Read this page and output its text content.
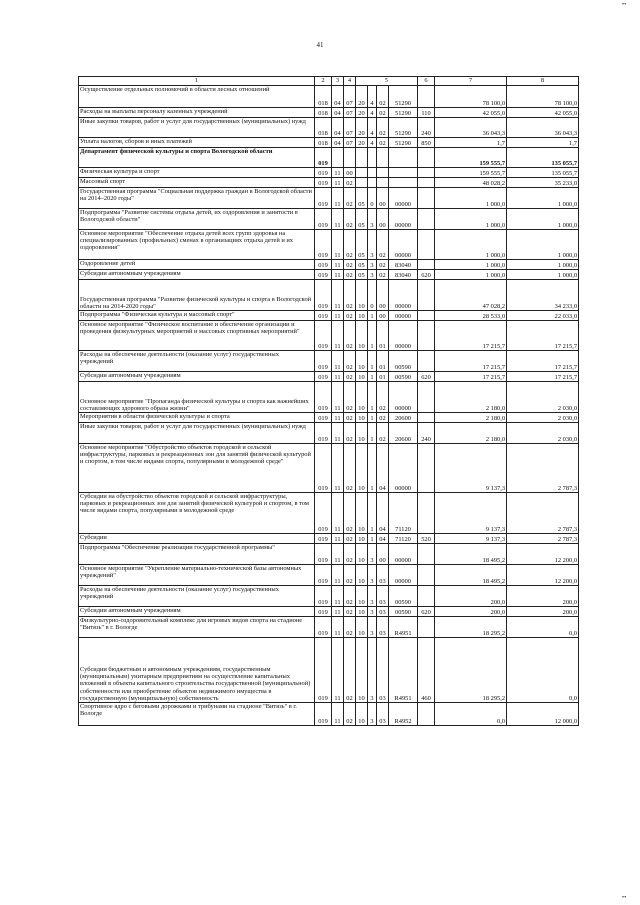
41
••
••
1	2	3	4	5				6	7	8
Осуществление отдельных полномочий в области лесных отношений	018	04	07	20	4	02	51290		78 100,0	78 100,0
Расходы на выплаты персоналу казенных учреждений	018	04	07	20	4	02	51290	110	42 055,0	42 055,0
Иные закупки товаров, работ и услуг для государственных (муниципальных) нужд	018	04	07	20	4	02	51290	240	36 043,3	36 043,3
Уплата налогов, сборов и иных платежей	018	04	07	20	4	02	51290	850	1,7	1,7
Департамент физической культуры и спорта Вологодской области	019								159 555,7	135 055,7
Физическая культура и спорт	019	11	00						159 555,7	135 055,7
Массовый спорт	019	11	02						48 028,2	35 233,0
Государственная программа "Социальная поддержка граждан в Вологодской области на 2014–2020 годы"	019	11	02	05	0	00	00000		1 000,0	1 000,0
Подпрограмма "Развитие системы отдыха детей, их оздоровления и занятости в Вологодской области"	019	11	02	05	3	00	00000		1 000,0	1 000,0
Основное мероприятие "Обеспечение отдыха детей всех групп здоровья на специализированных (профильных) сменах в организациях отдыха детей и их оздоровления"	019	11	02	05	3	02	00000		1 000,0	1 000,0
Оздоровление детей	019	11	02	05	3	02	83040		1 000,0	1 000,0
Субсидии автономным учреждениям	019	11	02	05	3	02	83040	620	1 000,0	1 000,0
Государственная программа "Развитие физической культуры и спорта в Вологодской области на 2014-2020 годы"	019	11	02	10	0	00	00000		47 028,2	34 233,0
Подпрограмма "Физическая культура и массовый спорт"	019	11	02	10	1	00	00000		28 533,0	22 033,0
Основное мероприятие "Физическое воспитание и обеспечение организации и проведения физкультурных мероприятий и массовых спортивных мероприятий"	019	11	02	10	1	01	00000		17 215,7	17 215,7
Расходы на обеспечение деятельности (оказание услуг) государственных учреждений	019	11	02	10	1	01	00590		17 215,7	17 215,7
Субсидии автономным учреждениям	019	11	02	10	1	01	00590	620	17 215,7	17 215,7
Основное мероприятие "Пропаганда физической культуры и спорта как важнейших составляющих здорового образа жизни"	019	11	02	10	1	02	00000		2 180,0	2 030,0
Мероприятия в области физической культуры и спорта	019	11	02	10	1	02	20600		2 180,0	2 030,0
Иные закупки товаров, работ и услуг для государственных (муниципальных) нужд	019	11	02	10	1	02	20600	240	2 180,0	2 030,0
Основное мероприятие "Обустройство объектов городской и сельской инфраструктуры, парковых и рекреационных зон для занятий физической культурой и спортом, в том числе видами спорта, популярными в молодежной среде"	019	11	02	10	1	04	00000		9 137,3	2 787,3
Субсидии на обустройство объектов городской и сельской инфраструктуры, парковых и рекреационных зон для занятий физической культурой и спортом, в том числе видами спорта, популярными в молодежной среде	019	11	02	10	1	04	71120		9 137,3	2 787,3
Субсидии	019	11	02	10	1	04	71120	520	9 137,3	2 787,3
Подпрограмма "Обеспечение реализации государственной программы"	019	11	02	10	3	00	00000		18 495,2	12 200,0
Основное мероприятие "Укрепление материально-технической базы автономных учреждений"	019	11	02	10	3	03	00000		18 495,2	12 200,0
Расходы на обеспечение деятельности (оказание услуг) государственных учреждений	019	11	02	10	3	03	00590		200,0	200,0
Субсидии автономным учреждениям	019	11	02	10	3	03	00590	620	200,0	200,0
Физкультурно-оздоровительный комплекс для игровых видов спорта на стадионе "Витязь" в г. Вологде	019	11	02	10	3	03	R4951		18 295,2	0,0
Субсидии бюджетным и автономным учреждениям, государственным (муниципальным) унитарным предприятиям на осуществление капитальных вложений в объекты капитального строительства государственной (муниципальной) собственности или приобретение объектов недвижимого имущества в государственную (муниципальную) собственность	019	11	02	10	3	03	R4951	460	18 295,2	0,0
Спортивное ядро с беговыми дорожками и трибунами на стадионе "Витязь" в г. Вологде	019	11	02	10	3	03	R4952		0,0	12 000,0
